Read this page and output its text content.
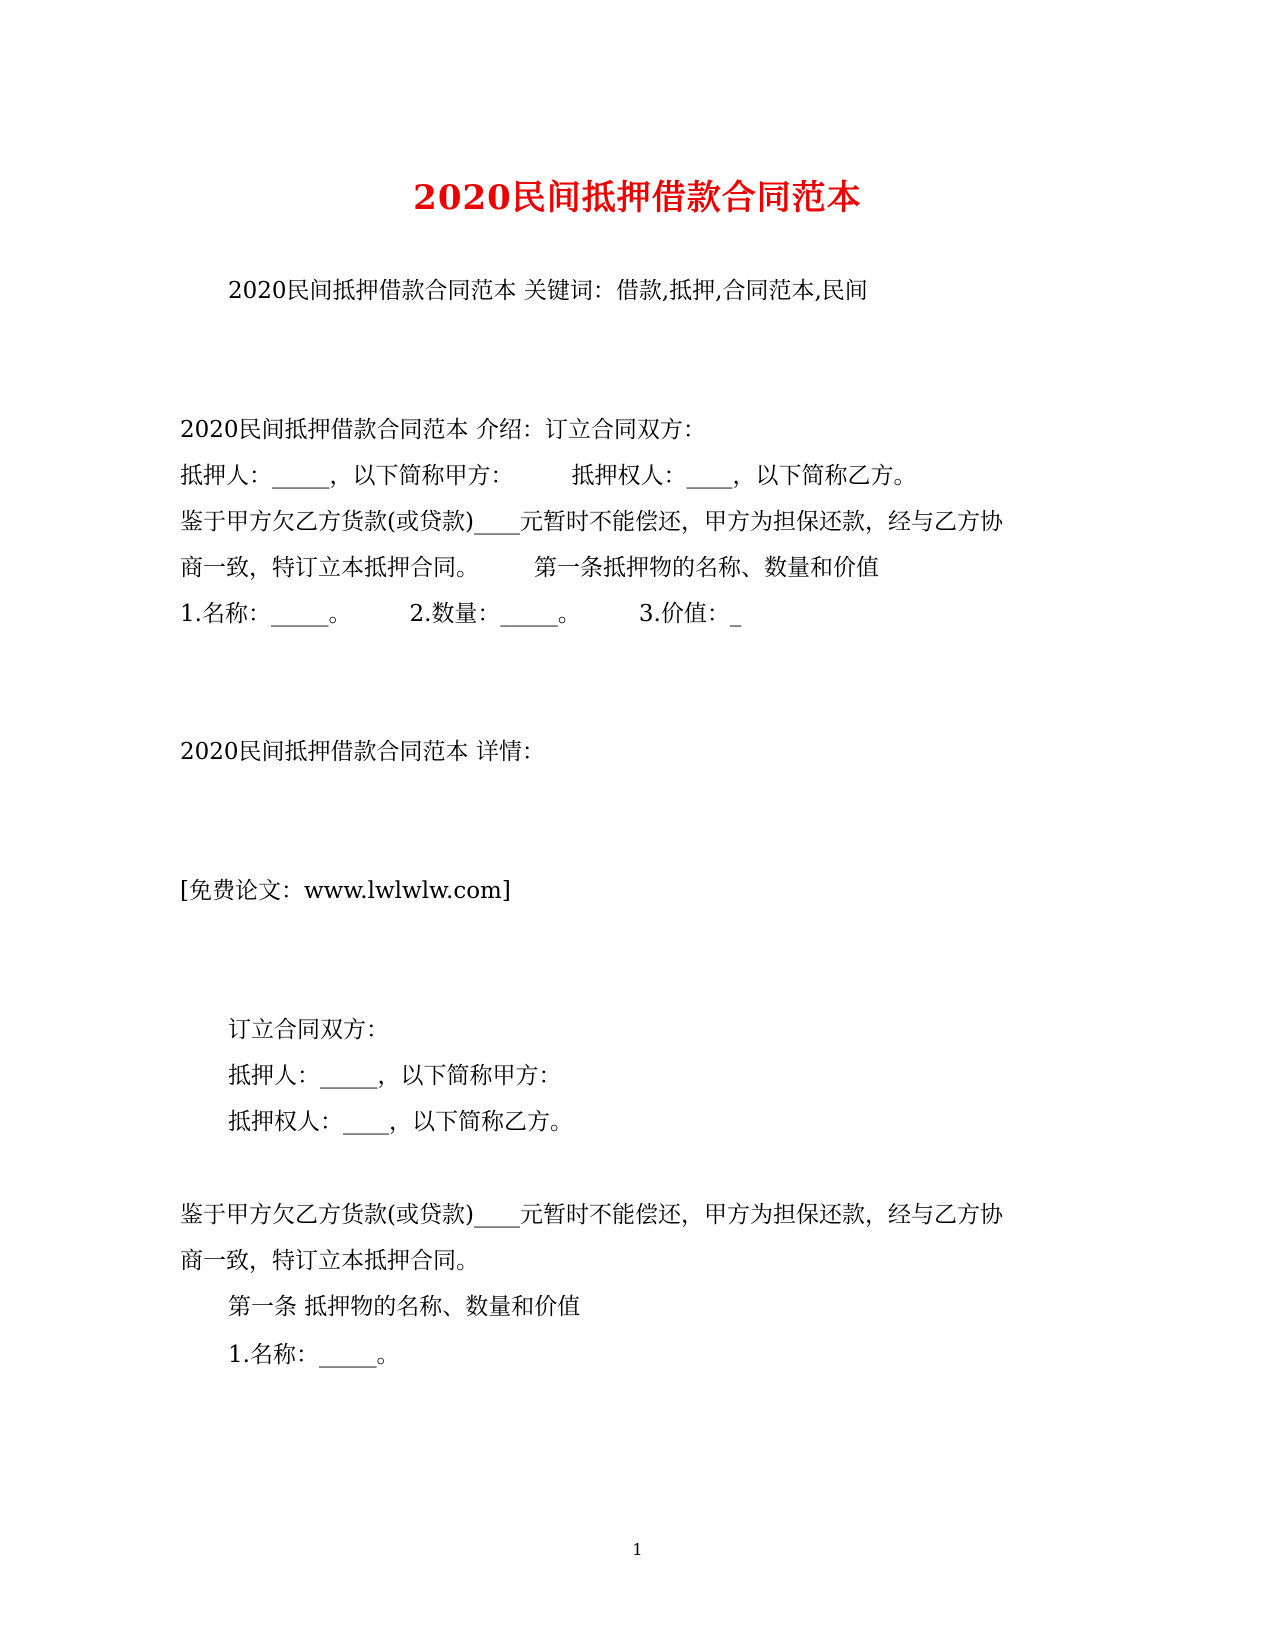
2020民间抵押借款合同范本
2020民间抵押借款合同范本 关键词：借款,抵押,合同范本,民间
2020民间抵押借款合同范本 介绍：订立合同双方：
抵押人：_____，以下简称甲方：	抵押权人：____，以下简称乙方。
鉴于甲方欠乙方货款(或贷款)____元暂时不能偿还，甲方为担保还款，经与乙方协
商一致，特订立本抵押合同。 第一条抵押物的名称、数量和价值
1.名称：_____。	2.数量：_____。	3.价值：_
2020民间抵押借款合同范本 详情：
[免费论文：www.lwlwlw.com]
订立合同双方：
抵押人：_____，以下简称甲方：
抵押权人：____，以下简称乙方。
鉴于甲方欠乙方货款(或贷款)____元暂时不能偿还，甲方为担保还款，经与乙方协
商一致，特订立本抵押合同。
第一条 抵押物的名称、数量和价值
1.名称：_____。
1
